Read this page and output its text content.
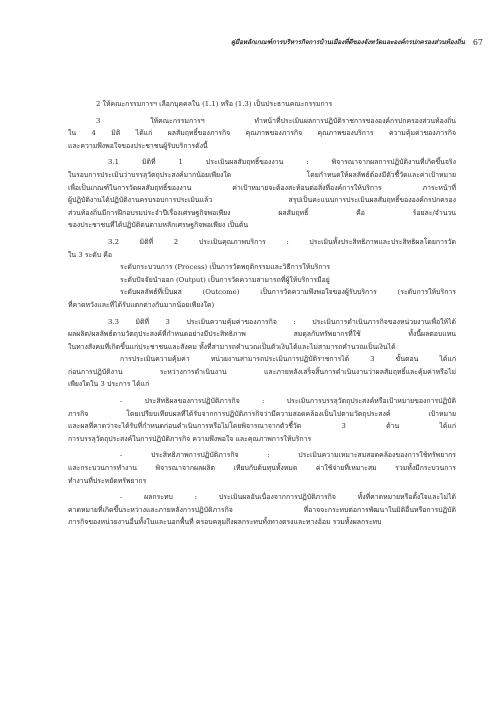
คู่มือหลักเกณฑ์การบริหารกิจการบ้านเมืองที่ดีของจังหวัดและองค์กรปกครองส่วนท้องถิ่น 67
2 ให้คณะกรรมการฯ เลือกบุคคลใน (1.1) หรือ (1.3) เป็นประธานคณะกรรมการ
3 ให้คณะกรรมการฯ ทำหน้าที่ประเมินผลการปฏิบัติราชการขององค์กรปกครองส่วนท้องถิ่น
ใน 4 มิติ ได้แก่ ผลสัมฤทธิ์ของภารกิจ คุณภาพของภารกิจ คุณภาพของบริการ ความคุ้มค่าของภารกิจ
และความพึงพอใจของประชาชนผู้รับบริการดังนี้
3.1 มิติที่ 1 ประเมินผลสัมฤทธิ์ของงาน : พิจารณาจากผลการปฏิบัติงานที่เกิดขึ้นจริง
ในรอบการประเมินว่าบรรลุวัตถุประสงค์มากน้อยเพียงใด โดยกำหนดให้ผลลัพธ์ต้องมีตัวชี้วัดและค่าเป้าหมาย
เพื่อเป็นเกณฑ์ในการวัดผลสัมฤทธิ์ของงาน ค่าเป้าหมายจะต้องสะท้อนต่อสิ่งที่องค์การให้บริการ ภาระหน้าที่
ผู้ปฏิบัติงานได้ปฏิบัติงานครบรอบการประเมินแล้ว สรุปเป็นคะแนนการประเมินผลสัมฤทธิ์ขององค์กรปกครอง
ส่วนท้องถิ่นมีการฝึกอบรมประจำปีเรื่องเศรษฐกิจพอเพียง ผลสัมฤทธิ์ คือ ร้อยละ/จำนวน
ของประชาชนที่ได้ปฏิบัติตนตามหลักเศรษฐกิจพอเพียง เป็นต้น
3.2 มิติที่ 2 ประเมินคุณภาพบริการ : ประเมินทั้งประสิทธิภาพและประสิทธิผลโดยการวัด
ใน 3 ระดับ คือ
ระดับกระบวนการ (Process) เป็นการวัดพฤติกรรมและวิธีการให้บริการ
ระดับปัจจัยนำออก (Output) เป็นการวัดความสามารถที่ผู้ให้บริการมีอยู่
ระดับผลลัพธ์ที่เป็นผล (Outcome) เป็นการวัดความพึงพอใจของผู้รับบริการ (ระดับการให้บริการ
ที่คาดหวังและที่ได้รับแตกต่างกันมากน้อยเพียงใด)
3.3 มิติที่ 3 ประเมินความคุ้มค่าของภารกิจ : ประเมินการดำเนินภารกิจของหน่วยงานเพื่อให้ได้
ผลผลิต/ผลลัพธ์ตามวัตถุประสงค์ที่กำหนดอย่างมีประสิทธิภาพ สมดุลกับทรัพยากรที่ใช้ ทั้งนี้ผลตอบแทน
ในทางสังคมที่เกิดขึ้นแก่ประชาชนและสังคม ทั้งที่สามารถคำนวณเป็นตัวเงินได้และไม่สามารถคำนวณเป็นเงินได้
การประเมินความคุ้มค่า หน่วยงานสามารถประเมินการปฏิบัติราชการได้ 3 ขั้นตอน ได้แก่
ก่อนการปฏิบัติงาน ระหว่างการดำเนินงาน และภายหลังเสร็จสิ้นการดำเนินงานว่าผลสัมฤทธิ์และคุ้มค่าหรือไม่
เพียงใดใน 3 ประการ ได้แก่
- ประสิทธิผลของการปฏิบัติภารกิจ : ประเมินการบรรลุวัตถุประสงค์หรือเป้าหมายของการปฏิบัติ
ภารกิจ โดยเปรียบเทียบผลที่ได้รับจากการปฏิบัติภารกิจว่ามีความสอดคล้องเป็นไปตามวัตถุประสงค์ เป้าหมาย
และผลที่คาดว่าจะได้รับที่กำหนดก่อนดำเนินการหรือไม่โดยพิจารณาจากตัวชี้วัด 3 ด้าน ได้แก่
การบรรลุวัตถุประสงค์ในการปฏิบัติภารกิจ ความพึงพอใจ และคุณภาพการให้บริการ
- ประสิทธิภาพการปฏิบัติภารกิจ : ประเมินความเหมาะสมสอดคล้องของการใช้ทรัพยากร
และกระบวนการทำงาน พิจารณาจากผลผลิต เทียบกับต้นทุนทั้งหมด ค่าใช้จ่ายที่เหมาะสม รวมทั้งมีกระบวนการ
ทำงานที่ประหยัดทรัพยากร
- ผลกระทบ : ประเมินผลอันเนื่องจากการปฏิบัติภารกิจ ทั้งที่คาดหมายหรือตั้งใจและไม่ได้
คาดหมายที่เกิดขึ้นระหว่างและภายหลังการปฏิบัติภารกิจ ที่อาจจะกระทบต่อการพัฒนาในมิติอื่นหรือการปฏิบัติ
ภารกิจของหน่วยงานอื่นทั้งในและนอกพื้นที่ ครอบคลุมถึงผลกระทบทั้งทางตรงและทางอ้อม รวมทั้งผลกระทบ
